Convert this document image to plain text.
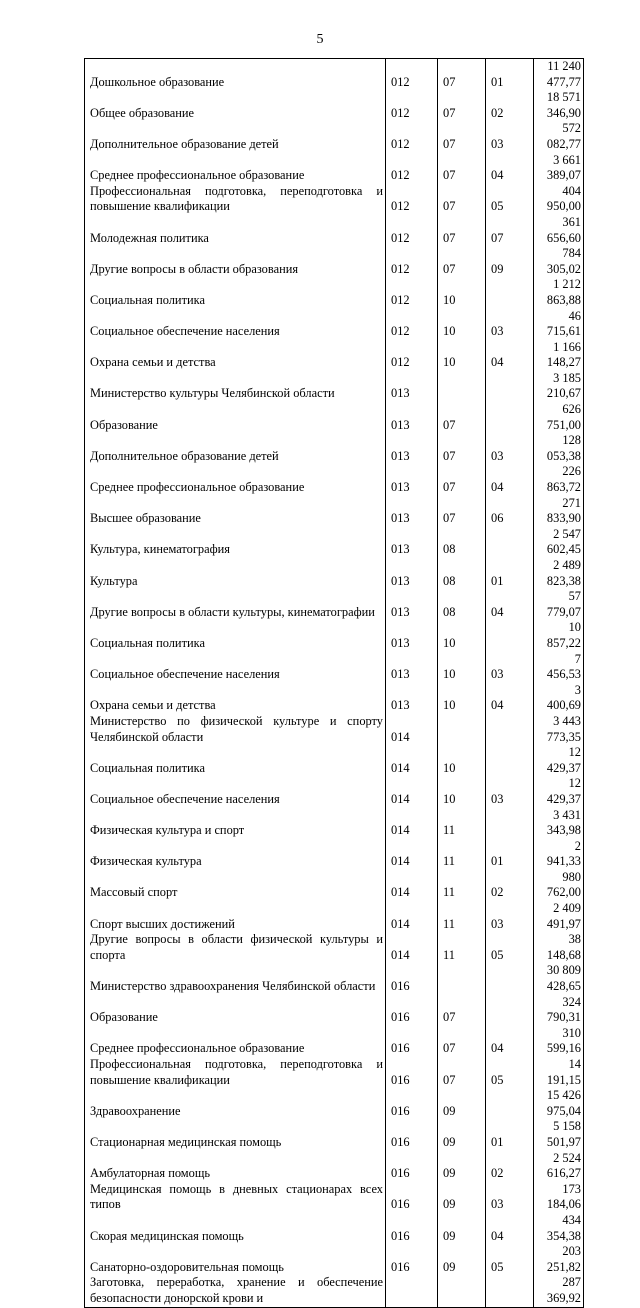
5
Дошкольное образование	012	07	01	11 240 477,77
Общее образование	012	07	02	18 571 346,90
Дополнительное образование детей	012	07	03	572 082,77
Среднее профессиональное образование	012	07	04	3 661 389,07
Профессиональная подготовка, переподготовка и повышение квалификации	012	07	05	404 950,00
Молодежная политика	012	07	07	361 656,60
Другие вопросы в области образования	012	07	09	784 305,02
Социальная политика	012	10		1 212 863,88
Социальное обеспечение населения	012	10	03	46 715,61
Охрана семьи и детства	012	10	04	1 166 148,27
Министерство культуры Челябинской области	013			3 185 210,67
Образование	013	07		626 751,00
Дополнительное образование детей	013	07	03	128 053,38
Среднее профессиональное образование	013	07	04	226 863,72
Высшее образование	013	07	06	271 833,90
Культура, кинематография	013	08		2 547 602,45
Культура	013	08	01	2 489 823,38
Другие вопросы в области культуры, кинематографии	013	08	04	57 779,07
Социальная политика	013	10		10 857,22
Социальное обеспечение населения	013	10	03	7 456,53
Охрана семьи и детства	013	10	04	3 400,69
Министерство по физической культуре и спорту Челябинской области	014			3 443 773,35
Социальная политика	014	10		12 429,37
Социальное обеспечение населения	014	10	03	12 429,37
Физическая культура и спорт	014	11		3 431 343,98
Физическая культура	014	11	01	2 941,33
Массовый спорт	014	11	02	980 762,00
Спорт высших достижений	014	11	03	2 409 491,97
Другие вопросы в области физической культуры и спорта	014	11	05	38 148,68
Министерство здравоохранения Челябинской области	016			30 809 428,65
Образование	016	07		324 790,31
Среднее профессиональное образование	016	07	04	310 599,16
Профессиональная подготовка, переподготовка и повышение квалификации	016	07	05	14 191,15
Здравоохранение	016	09		15 426 975,04
Стационарная медицинская помощь	016	09	01	5 158 501,97
Амбулаторная помощь	016	09	02	2 524 616,27
Медицинская помощь в дневных стационарах всех типов	016	09	03	173 184,06
Скорая медицинская помощь	016	09	04	434 354,38
Санаторно-оздоровительная помощь	016	09	05	203 251,82
Заготовка, переработка, хранение и обеспечение безопасности донорской крови и				287 369,92
